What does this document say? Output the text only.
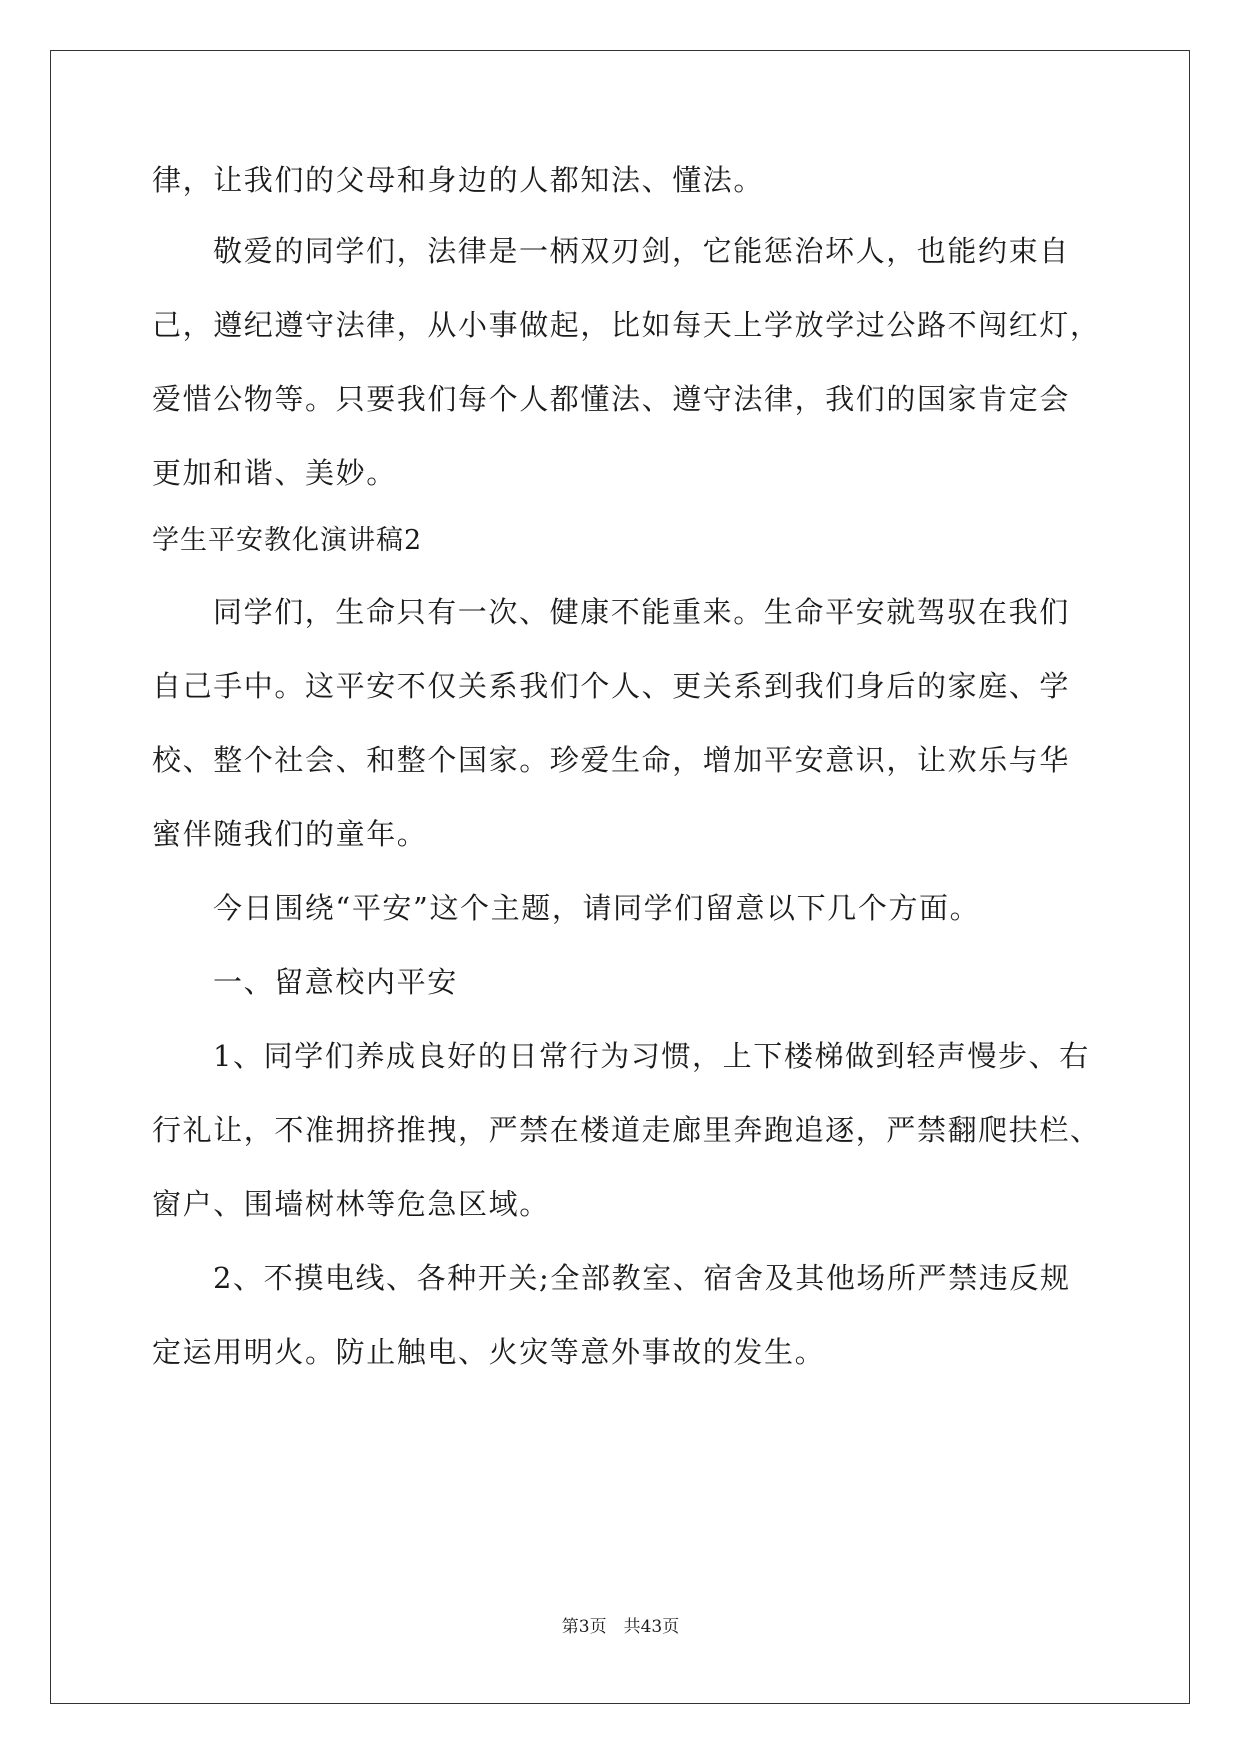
律，让我们的父母和身边的人都知法、懂法。
敬爱的同学们，法律是一柄双刃剑，它能惩治坏人，也能约束自
己，遵纪遵守法律，从小事做起，比如每天上学放学过公路不闯红灯，
爱惜公物等。只要我们每个人都懂法、遵守法律，我们的国家肯定会
更加和谐、美妙。
学生平安教化演讲稿2
同学们，生命只有一次、健康不能重来。生命平安就驾驭在我们
自己手中。这平安不仅关系我们个人、更关系到我们身后的家庭、学
校、整个社会、和整个国家。珍爱生命，增加平安意识，让欢乐与华
蜜伴随我们的童年。
今日围绕“平安”这个主题，请同学们留意以下几个方面。
一、留意校内平安
1、同学们养成良好的日常行为习惯，上下楼梯做到轻声慢步、右
行礼让，不准拥挤推拽，严禁在楼道走廊里奔跑追逐，严禁翻爬扶栏、
窗户、围墙树林等危急区域。
2、不摸电线、各种开关;全部教室、宿舍及其他场所严禁违反规
定运用明火。防止触电、火灾等意外事故的发生。
第3页　共43页
